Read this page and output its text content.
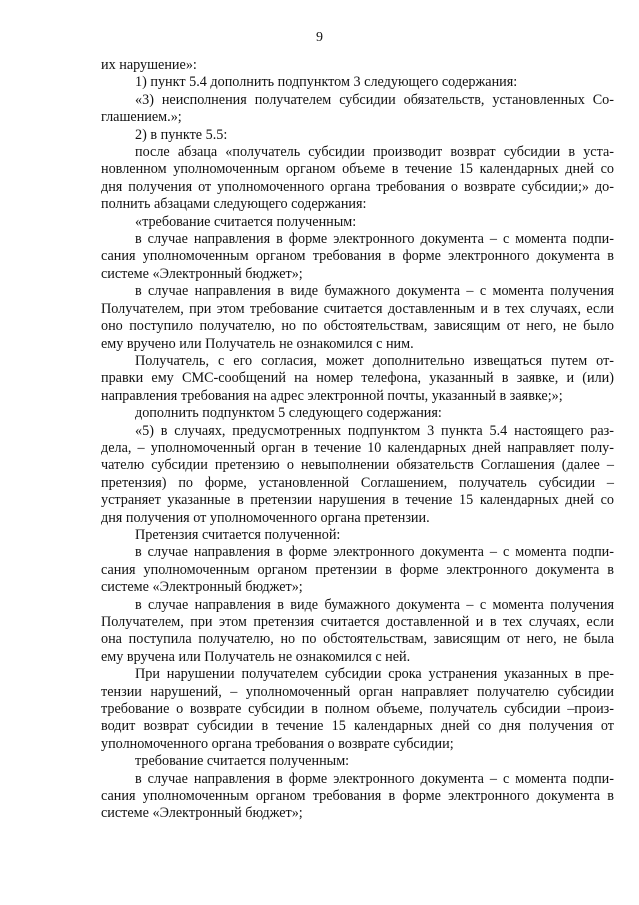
9

их нарушение»:

1) пункт 5.4 дополнить подпунктом 3 следующего содержания:

«3) неисполнения получателем субсидии обязательств, установленных Со-

глашением.»;

2) в пункте 5.5:

после абзаца «получатель субсидии производит возврат субсидии в уста-

новленном уполномоченным органом объеме в течение 15 календарных дней со

дня получения от уполномоченного органа требования о возврате субсидии;» до-

полнить абзацами следующего содержания:

«требование считается полученным:

в случае направления в форме электронного документа – с момента подпи-

сания уполномоченным органом требования в форме электронного документа в

системе «Электронный бюджет»;

в случае направления в виде бумажного документа – с момента получения

Получателем, при этом требование считается доставленным и в тех случаях, если

оно поступило получателю, но по обстоятельствам, зависящим от него, не было

ему вручено или Получатель не ознакомился с ним.

Получатель, с его согласия, может дополнительно извещаться путем от-

правки ему СМС-сообщений на номер телефона, указанный в заявке, и (или)

направления требования на адрес электронной почты, указанный в заявке;»;

дополнить подпунктом 5 следующего содержания:

«5) в случаях, предусмотренных подпунктом 3 пункта 5.4 настоящего раз-

дела, – уполномоченный орган в течение 10 календарных дней направляет полу-

чателю субсидии претензию о невыполнении обязательств Соглашения (далее –

претензия) по форме, установленной Соглашением, получатель субсидии –

устраняет указанные в претензии нарушения в течение 15 календарных дней со

дня получения от уполномоченного органа претензии.

Претензия считается полученной:

в случае направления в форме электронного документа – с момента подпи-

сания уполномоченным органом претензии в форме электронного документа в

системе «Электронный бюджет»;

в случае направления в виде бумажного документа – с момента получения

Получателем, при этом претензия считается доставленной и в тех случаях, если

она поступила получателю, но по обстоятельствам, зависящим от него, не была

ему вручена или Получатель не ознакомился с ней.

При нарушении получателем субсидии срока устранения указанных в пре-

тензии нарушений, – уполномоченный орган направляет получателю субсидии

требование о возврате субсидии в полном объеме, получатель субсидии –произ-

водит возврат субсидии в течение 15 календарных дней со дня получения от

уполномоченного органа требования о возврате субсидии;

требование считается полученным:

в случае направления в форме электронного документа – с момента подпи-

сания уполномоченным органом требования в форме электронного документа в

системе «Электронный бюджет»;
